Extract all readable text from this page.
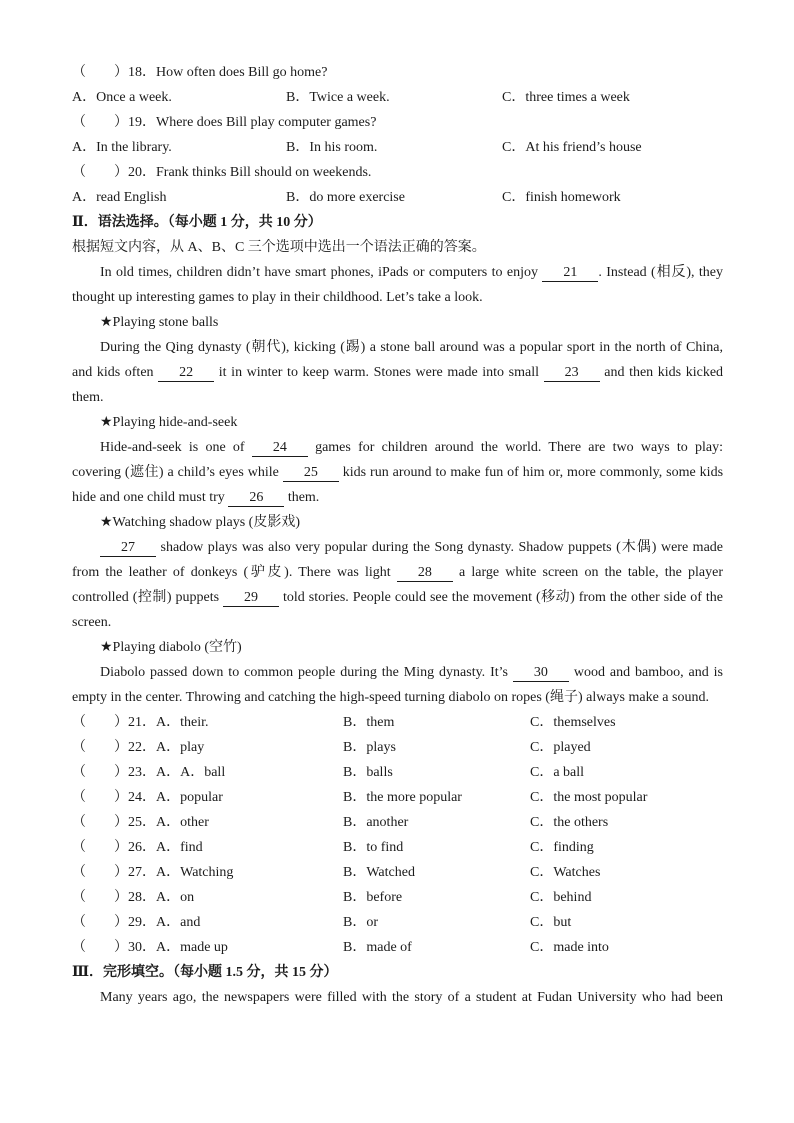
（　　）18．How often does Bill go home?
A．Once a week.	B．Twice a week.	C．three times a week
（　　）19．Where does Bill play computer games?
A．In the library.	B．In his room.	C．At his friend’s house
（　　）20．Frank thinks Bill should on weekends.
A．read English	B．do more exercise	C．finish homework
Ⅱ．语法选择。（每小题 1 分，共 10 分）
根据短文内容，从 A、B、C 三个选项中选出一个语法正确的答案。
In old times, children didn’t have smart phones, iPads or computers to enjoy 21 . Instead (相反), they
thought up interesting games to play in their childhood. Let’s take a look.
★Playing stone balls
During the Qing dynasty (朝代), kicking (踢) a stone ball around was a popular sport in the north of China,
and kids often 22 it in winter to keep warm. Stones were made into small 23 and then kids kicked
them.
★Playing hide-and-seek
Hide-and-seek is one of 24 games for children around the world. There are two ways to play:
covering (遮住) a child’s eyes while 25 kids run around to make fun of him or, more commonly, some kids
hide and one child must try 26 them.
★Watching shadow plays (皮影戏)
27 shadow plays was also very popular during the Song dynasty. Shadow puppets (木偶) were made
from the leather of donkeys (驴皮). There was light 28 a large white screen on the table, the player
controlled (控制) puppets 29 told stories. People could see the movement (移动) from the other side of the
screen.
★Playing diabolo (空竹)
Diabolo passed down to common people during the Ming dynasty. It’s 30 wood and bamboo, and is
empty in the center. Throwing and catching the high-speed turning diabolo on ropes (绳子) always make a sound.
（　　）21．A．their.	B．them	C．themselves
（　　）22．A．play	B．plays	C．played
（　　）23．A．A．ball	B．balls	C．a ball
（　　）24．A．popular	B．the more popular	C．the most popular
（　　）25．A．other	B．another	C．the others
（　　）26．A．find	B．to find	C．finding
（　　）27．A．Watching	B．Watched	C．Watches
（　　）28．A．on	B．before	C．behind
（　　）29．A．and	B．or	C．but
（　　）30．A．made up	B．made of	C．made into
Ⅲ．完形填空。（每小题 1.5 分，共 15 分）
Many years ago, the newspapers were filled with the story of a student at Fudan University who had been
